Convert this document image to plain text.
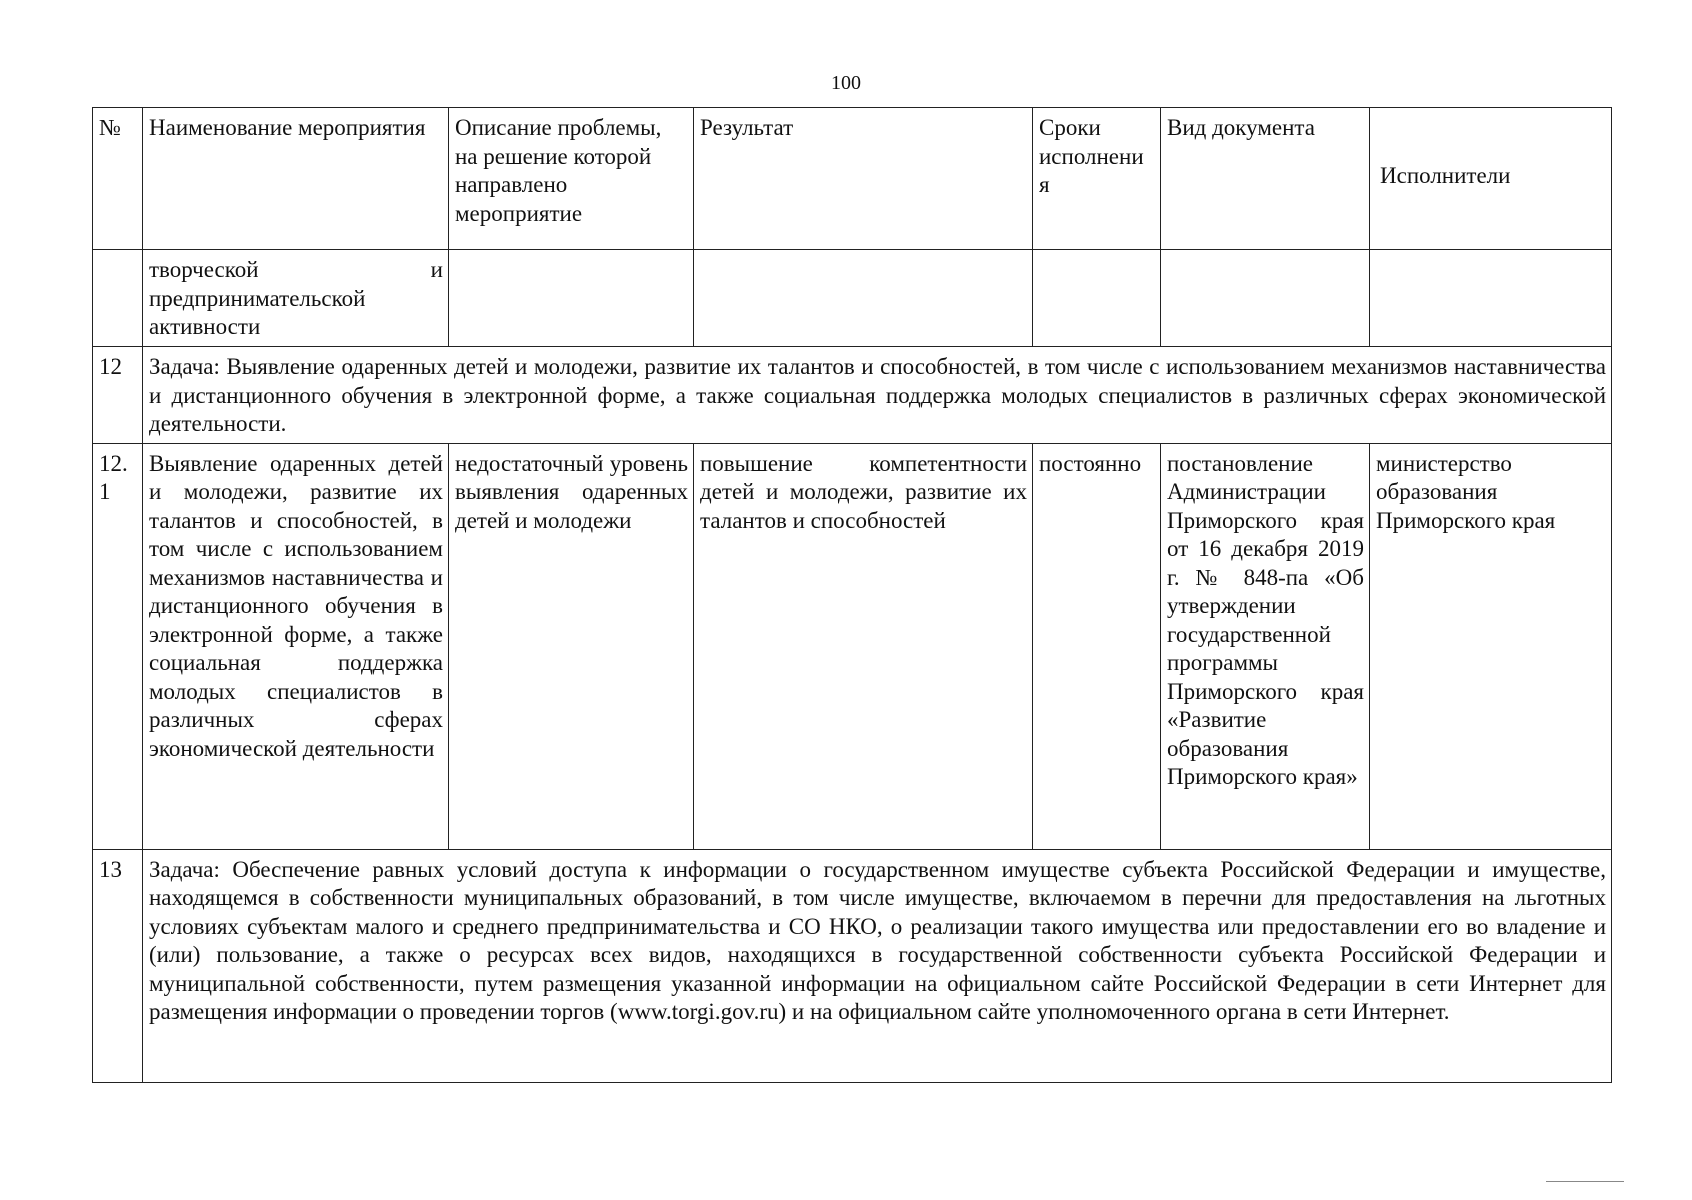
100
№	Наименование мероприятия	Описание проблемы, на решение которой направлено мероприятие	Результат	Сроки исполнени я	Вид документа	Исполнители
	творческой и предпринимательской активности					
12	Задача: Выявление одаренных детей и молодежи, развитие их талантов и способностей, в том числе с использованием механизмов наставничества и дистанционного обучения в электронной форме, а также социальная поддержка молодых специалистов в различных сферах экономической деятельности.					
12. 1	Выявление одаренных детей и молодежи, развитие их талантов и способностей, в том числе с использованием механизмов наставничества и дистанционного обучения в электронной форме, а также социальная поддержка молодых специалистов в различных сферах экономической деятельности	недостаточный уровень выявления одаренных детей и молодежи	повышение компетентности детей и молодежи, развитие их талантов и способностей	постоянно	постановление Администрации Приморского края от 16 декабря 2019 г. № 848-па «Об утверждении государственной программы Приморского края «Развитие образования Приморского края»	министерство образования Приморского края
13	Задача: Обеспечение равных условий доступа к информации о государственном имуществе субъекта Российской Федерации и имуществе, находящемся в собственности муниципальных образований, в том числе имуществе, включаемом в перечни для предоставления на льготных условиях субъектам малого и среднего предпринимательства и СО НКО, о реализации такого имущества или предоставлении его во владение и (или) пользование, а также о ресурсах всех видов, находящихся в государственной собственности субъекта Российской Федерации и муниципальной собственности, путем размещения указанной информации на официальном сайте Российской Федерации в сети Интернет для размещения информации о проведении торгов (www.torgi.gov.ru) и на официальном сайте уполномоченного органа в сети Интернет.					
